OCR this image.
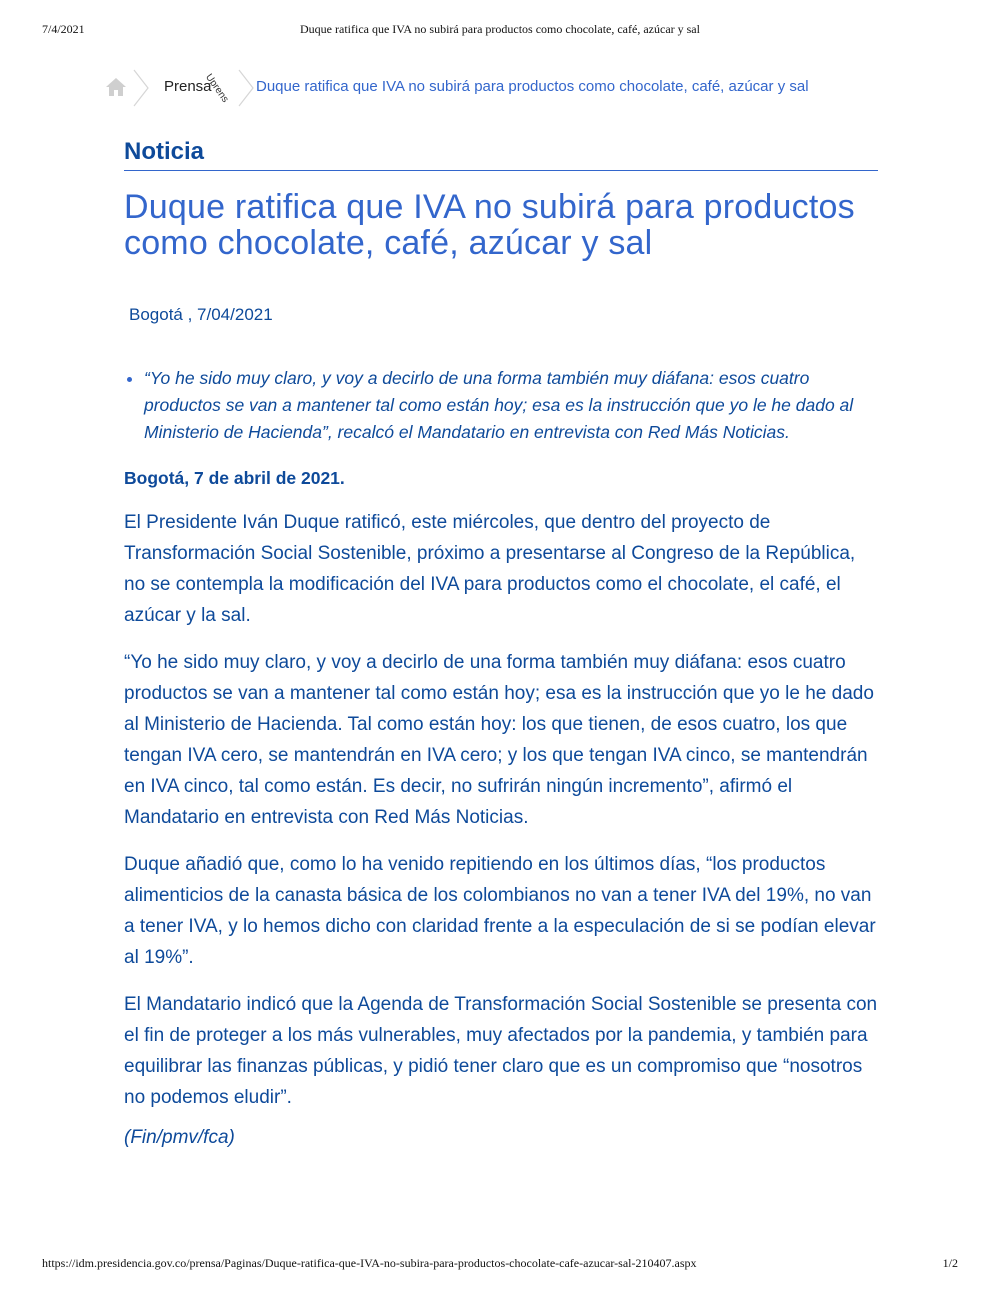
7/4/2021	Duque ratifica que IVA no subirá para productos como chocolate, café, azúcar y sal
Prensa
Uprens Duque ratifica que IVA no subirá para productos como chocolate, café, azúcar y sal
Noticia
Duque ratifica que IVA no subirá para productos como chocolate, café, azúcar y sal

Bogotá , 7/04/2021

• “Yo he sido muy claro, y voy a decirlo de una forma también muy diáfana: esos cuatro productos se van a mantener tal como están hoy; esa es la instrucción que yo le he dado al Ministerio de Hacienda”, recalcó el Mandatario en entrevista con Red Más Noticias.

Bogotá, 7 de abril de 2021.

El Presidente Iván Duque ratificó, este miércoles, que dentro del proyecto de Transformación Social Sostenible, próximo a presentarse al Congreso de la República, no se contempla la modificación del IVA para productos como el chocolate, el café, el azúcar y la sal.

“Yo he sido muy claro, y voy a decirlo de una forma también muy diáfana: esos cuatro productos se van a mantener tal como están hoy; esa es la instrucción que yo le he dado al Ministerio de Hacienda. Tal como están hoy: los que tienen, de esos cuatro, los que tengan IVA cero, se mantendrán en IVA cero; y los que tengan IVA cinco, se mantendrán en IVA cinco, tal como están. Es decir, no sufrirán ningún incremento”, afirmó el Mandatario en entrevista con Red Más Noticias.

Duque añadió que, como lo ha venido repitiendo en los últimos días, “los productos alimenticios de la canasta básica de los colombianos no van a tener IVA del 19%, no van a tener IVA, y lo hemos dicho con claridad frente a la especulación de si se podían elevar al 19%”.

El Mandatario indicó que la Agenda de Transformación Social Sostenible se presenta con el fin de proteger a los más vulnerables, muy afectados por la pandemia, y también para equilibrar las finanzas públicas, y pidió tener claro que es un compromiso que “nosotros no podemos eludir”.

(Fin/pmv/fca)

https://idm.presidencia.gov.co/prensa/Paginas/Duque-ratifica-que-IVA-no-subira-para-productos-chocolate-cafe-azucar-sal-210407.aspx	1/2
